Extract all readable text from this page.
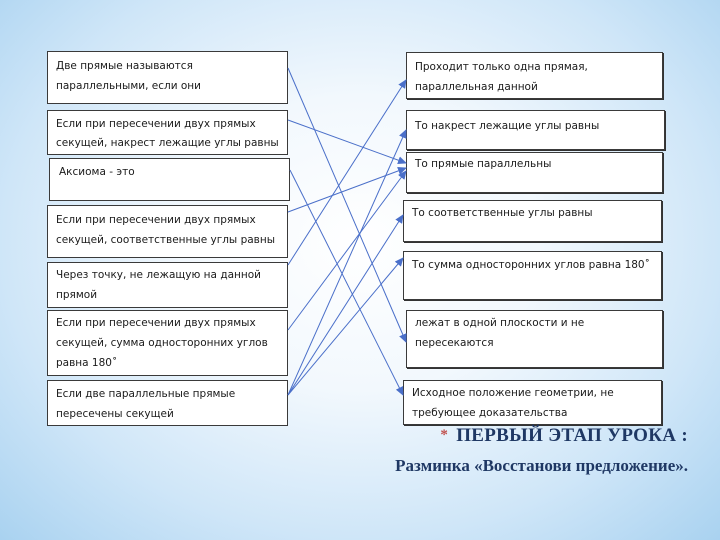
Две прямые называются параллельными, если они
Если при пересечении двух прямых секущей, накрест лежащие углы равны
Аксиома - это
Если при пересечении двух прямых секущей, соответственные углы равны
Через точку, не лежащую на данной прямой
Если при пересечении двух прямых секущей, сумма односторонних углов равна 180˚
Если две параллельные прямые пересечены секущей
Проходит только одна прямая, параллельная данной
То накрест лежащие углы равны
То прямые параллельны
То соответственные углы равны
То сумма односторонних углов равна 180˚
лежат в одной плоскости и не пересекаются
Исходное положение геометрии, не требующее доказательства
* ПЕРВЫЙ ЭТАП УРОКА :
Разминка «Восстанови предложение».
